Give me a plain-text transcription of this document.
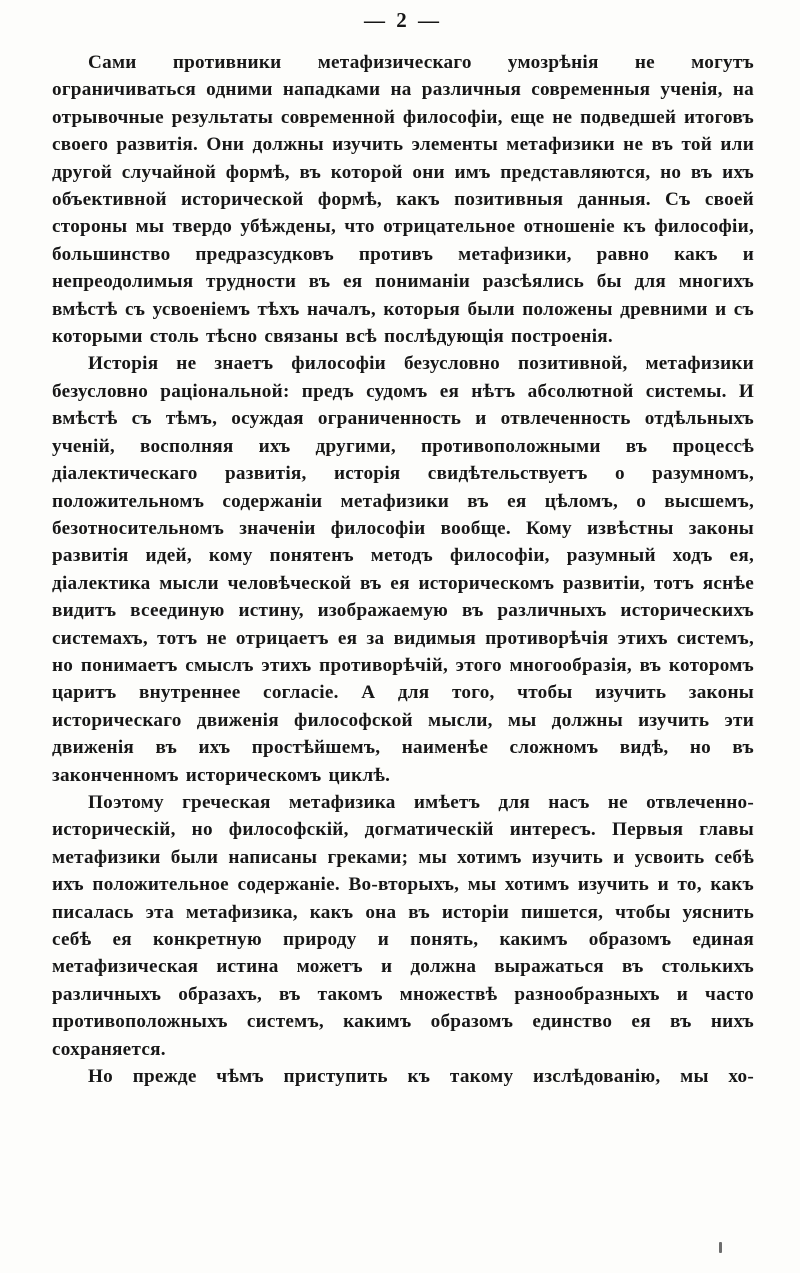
— 2 —

Сами противники метафизическаго умозрѣнія не могутъ ограничиваться одними нападками на различныя современныя ученія, на отрывочные результаты современной философіи, еще не подведшей итоговъ своего развитія. Они должны изучить элементы метафизики не въ той или другой случайной формѣ, въ которой они имъ представляются, но въ ихъ объективной исторической формѣ, какъ позитивныя данныя. Съ своей стороны мы твердо убѣждены, что отрицательное отношеніе къ философіи, большинство предразсудковъ противъ метафизики, равно какъ и непреодолимыя трудности въ ея пониманіи разсѣялись бы для многихъ вмѣстѣ съ усвоеніемъ тѣхъ началъ, которыя были положены древними и съ которыми столь тѣсно связаны всѣ послѣдующія построенія.

Исторія не знаетъ философіи безусловно позитивной, метафизики безусловно раціональной: предъ судомъ ея нѣтъ абсолютной системы. И вмѣстѣ съ тѣмъ, осуждая ограниченность и отвлеченность отдѣльныхъ ученій, восполняя ихъ другими, противоположными въ процессѣ діалектическаго развитія, исторія свидѣтельствуетъ о разумномъ, положительномъ содержаніи метафизики въ ея цѣломъ, о высшемъ, безотносительномъ значеніи философіи вообще. Кому извѣстны законы развитія идей, кому понятенъ методъ философіи, разумный ходъ ея, діалектика мысли человѣческой въ ея историческомъ развитіи, тотъ яснѣе видитъ всеединую истину, изображаемую въ различныхъ историческихъ системахъ, тотъ не отрицаетъ ея за видимыя противорѣчія этихъ системъ, но понимаетъ смыслъ этихъ противорѣчій, этого многообразія, въ которомъ царитъ внутреннее согласіе. А для того, чтобы изучить законы историческаго движенія философской мысли, мы должны изучить эти движенія въ ихъ простѣйшемъ, наименѣе сложномъ видѣ, но въ законченномъ историческомъ циклѣ.

Поэтому греческая метафизика имѣетъ для насъ не отвлеченно-историческій, но философскій, догматическій интересъ. Первыя главы метафизики были написаны греками; мы хотимъ изучить и усвоить себѣ ихъ положительное содержаніе. Во-вторыхъ, мы хотимъ изучить и то, какъ писалась эта метафизика, какъ она въ исторіи пишется, чтобы уяснить себѣ ея конкретную природу и понять, какимъ образомъ единая метафизическая истина можетъ и должна выражаться въ столькихъ различныхъ образахъ, въ такомъ множествѣ разнообразныхъ и часто противоположныхъ системъ, какимъ образомъ единство ея въ нихъ сохраняется.

Но прежде чѣмъ приступить къ такому изслѣдованію, мы хо-
